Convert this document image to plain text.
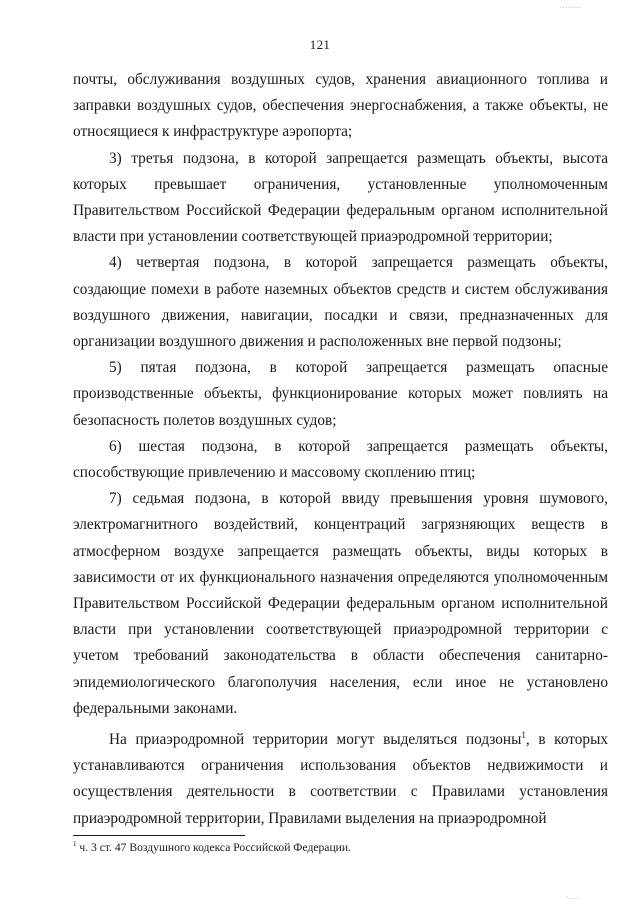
........
121

почты, обслуживания воздушных судов, хранения авиационного топлива и заправки воздушных судов, обеспечения энергоснабжения, а также объекты, не относящиеся к инфраструктуре аэропорта;

3) третья подзона, в которой запрещается размещать объекты, высота которых превышает ограничения, установленные уполномоченным Правительством Российской Федерации федеральным органом исполнительной власти при установлении соответствующей приаэродромной территории;

4) четвертая подзона, в которой запрещается размещать объекты, создающие помехи в работе наземных объектов средств и систем обслуживания воздушного движения, навигации, посадки и связи, предназначенных для организации воздушного движения и расположенных вне первой подзоны;

5) пятая подзона, в которой запрещается размещать опасные производственные объекты, функционирование которых может повлиять на безопасность полетов воздушных судов;

6) шестая подзона, в которой запрещается размещать объекты, способствующие привлечению и массовому скоплению птиц;

7) седьмая подзона, в которой ввиду превышения уровня шумового, электромагнитного воздействий, концентраций загрязняющих веществ в атмосферном воздухе запрещается размещать объекты, виды которых в зависимости от их функционального назначения определяются уполномоченным Правительством Российской Федерации федеральным органом исполнительной власти при установлении соответствующей приаэродромной территории с учетом требований законодательства в области обеспечения санитарно-эпидемиологического благополучия населения, если иное не установлено федеральными законами.

На приаэродромной территории могут выделяться подзоны$^1$, в которых устанавливаются ограничения использования объектов недвижимости и осуществления деятельности в соответствии с Правилами установления приаэродромной территории, Правилами выделения на приаэродромной

$^1$ ч. 3 ст. 47 Воздушного кодекса Российской Федерации.
·....
